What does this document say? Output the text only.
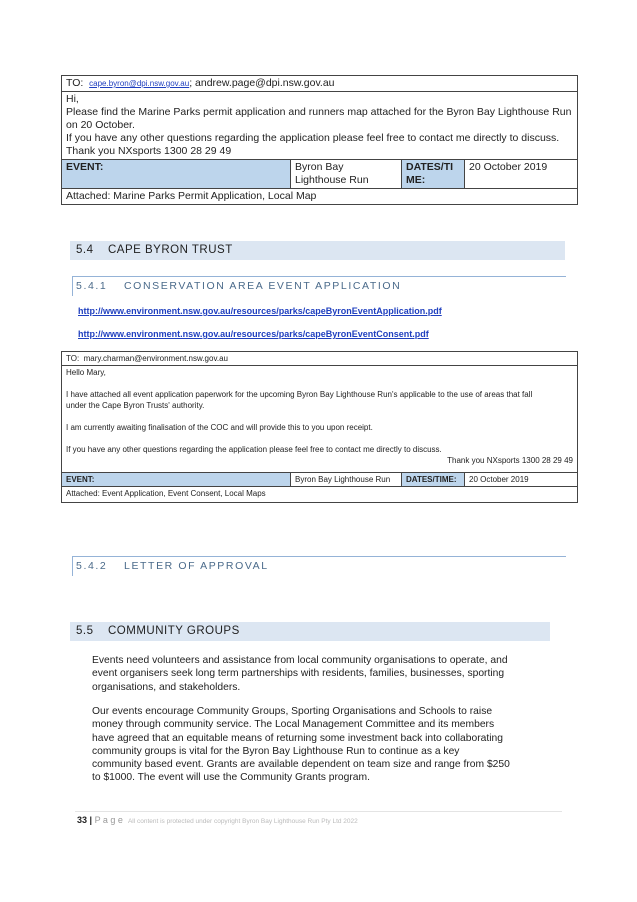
TO: cape.byron@dpi.nsw.gov.au; andrew.page@dpi.nsw.gov.au

Hi,
Please find the Marine Parks permit application and runners map attached for the Byron Bay Lighthouse Run on 20 October.
If you have any other questions regarding the application please feel free to contact me directly to discuss.
Thank you NXsports 1300 28 29 49

EVENT:	Byron Bay Lighthouse Run	DATES/TIME:	20 October 2019
Attached: Marine Parks Permit Application, Local Map
5.4 CAPE BYRON TRUST
5.4.1 CONSERVATION AREA EVENT APPLICATION
http://www.environment.nsw.gov.au/resources/parks/capeByronEventApplication.pdf
http://www.environment.nsw.gov.au/resources/parks/capeByronEventConsent.pdf
TO: mary.charman@environment.nsw.gov.au

Hello Mary,

I have attached all event application paperwork for the upcoming Byron Bay Lighthouse Run's applicable to the use of areas that fall under the Cape Byron Trusts' authority.

I am currently awaiting finalisation of the COC and will provide this to you upon receipt.

If you have any other questions regarding the application please feel free to contact me directly to discuss.
Thank you NXsports 1300 28 29 49

EVENT:	Byron Bay Lighthouse Run	DATES/TIME:	20 October 2019
Attached: Event Application, Event Consent, Local Maps
5.4.2 LETTER OF APPROVAL
5.5 COMMUNITY GROUPS
Events need volunteers and assistance from local community organisations to operate, and event organisers seek long term partnerships with residents, families, businesses, sporting organisations, and stakeholders.
Our events encourage Community Groups, Sporting Organisations and Schools to raise money through community service. The Local Management Committee and its members have agreed that an equitable means of returning some investment back into collaborating community groups is vital for the Byron Bay Lighthouse Run to continue as a key community based event. Grants are available dependent on team size and range from $250 to $1000. The event will use the Community Grants program.
33 | P a g e All content is protected under copyright Byron Bay Lighthouse Run Pty Ltd 2022
